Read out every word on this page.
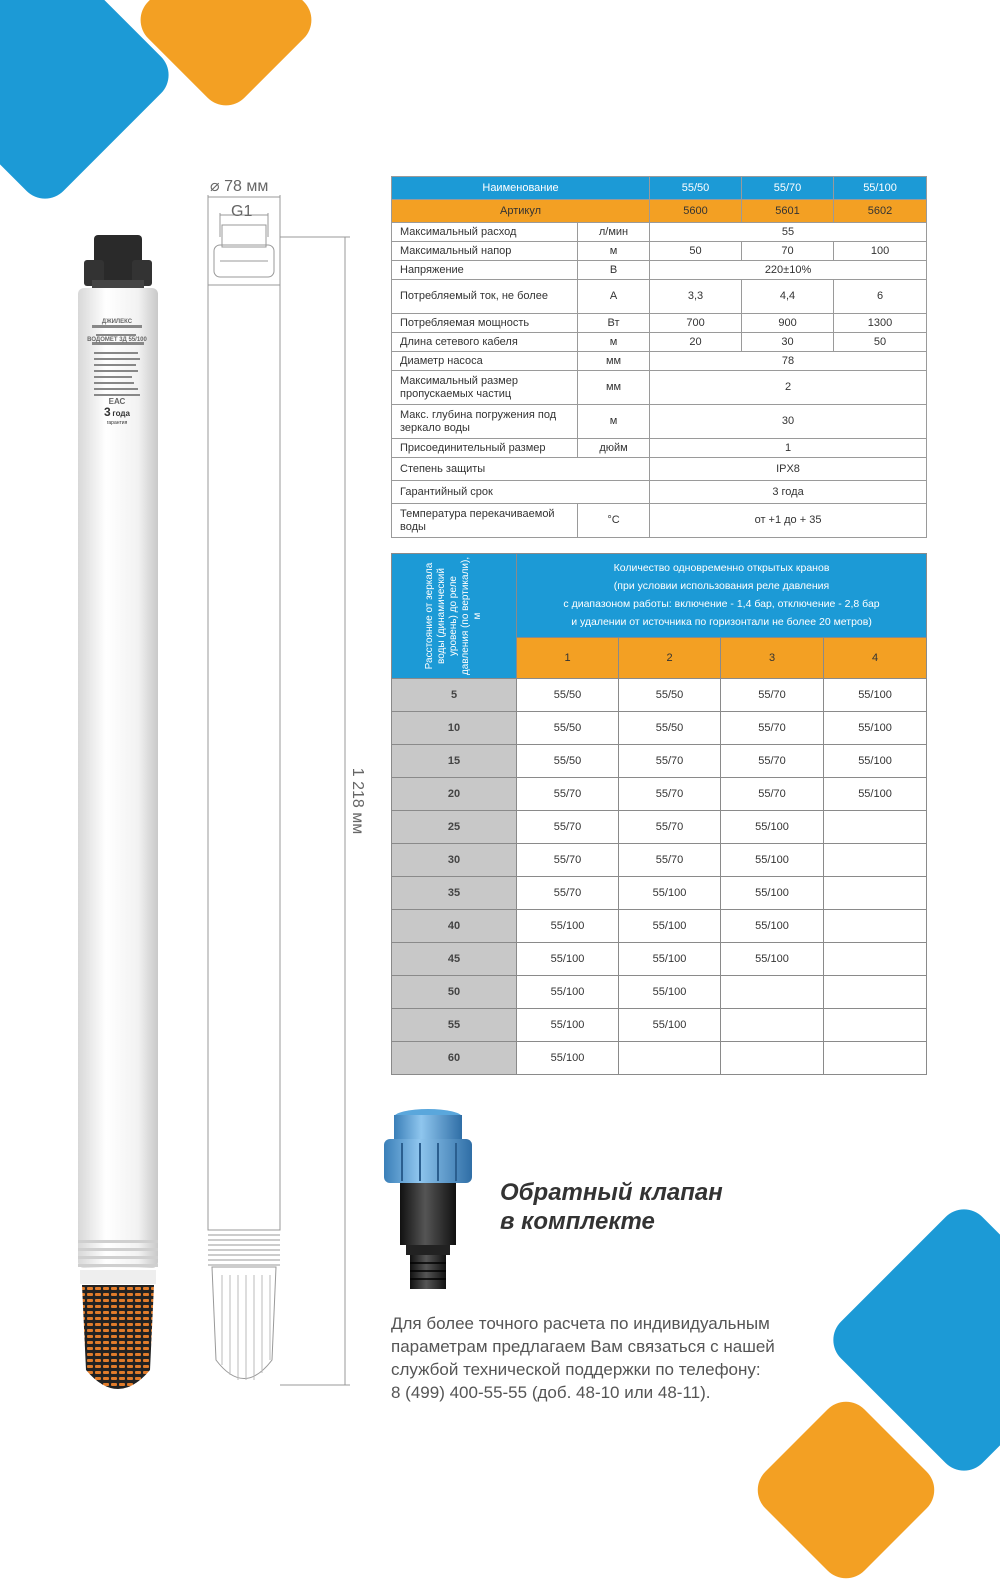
ДЖИЛЕКС
ВОДОМЕТ 3Д 55/100
ЕАС
3 года
гарантия
⌀ 78 мм
G1
1 218 мм
Наименование		55/50	55/70	55/100
Артикул		5600	5601	5602
Максимальный расход	л/мин	55		
Максимальный напор	м	50	70	100
Напряжение	В	220±10%		
Потребляемый ток, не более	А	3,3	4,4	6
Потребляемая мощность	Вт	700	900	1300
Длина сетевого кабеля	м	20	30	50
Диаметр насоса	мм	78		
Максимальный размер пропускаемых частиц	мм	2		
Макс. глубина погружения под зеркало воды	м	30		
Присоединительный размер	дюйм	1		
Степень защиты		IPX8		
Гарантийный срок		3 года		
Температура перекачиваемой воды	°С	от +1 до + 35		
Расстояние от зеркала воды (динамический уровень) до реле давления (по вертикали), м	Количество одновременно открытых кранов
(при условии использования реле давления
с диапазоном работы: включение - 1,4 бар, отключение - 2,8 бар
и удалении от источника по горизонтали не более 20 метров)			

	1	2	3	4
5	55/50	55/50	55/70	55/100
10	55/50	55/50	55/70	55/100
15	55/50	55/70	55/70	55/100
20	55/70	55/70	55/70	55/100
25	55/70	55/70	55/100	
30	55/70	55/70	55/100	
35	55/70	55/100	55/100	
40	55/100	55/100	55/100	
45	55/100	55/100	55/100	
50	55/100	55/100		
55	55/100	55/100		
60	55/100			
Обратный клапан
в комплекте
Для более точного расчета по индивидуальным параметрам предлагаем Вам связаться с нашей службой технической поддержки по телефону:
8 (499) 400-55-55 (доб. 48-10 или 48-11).
